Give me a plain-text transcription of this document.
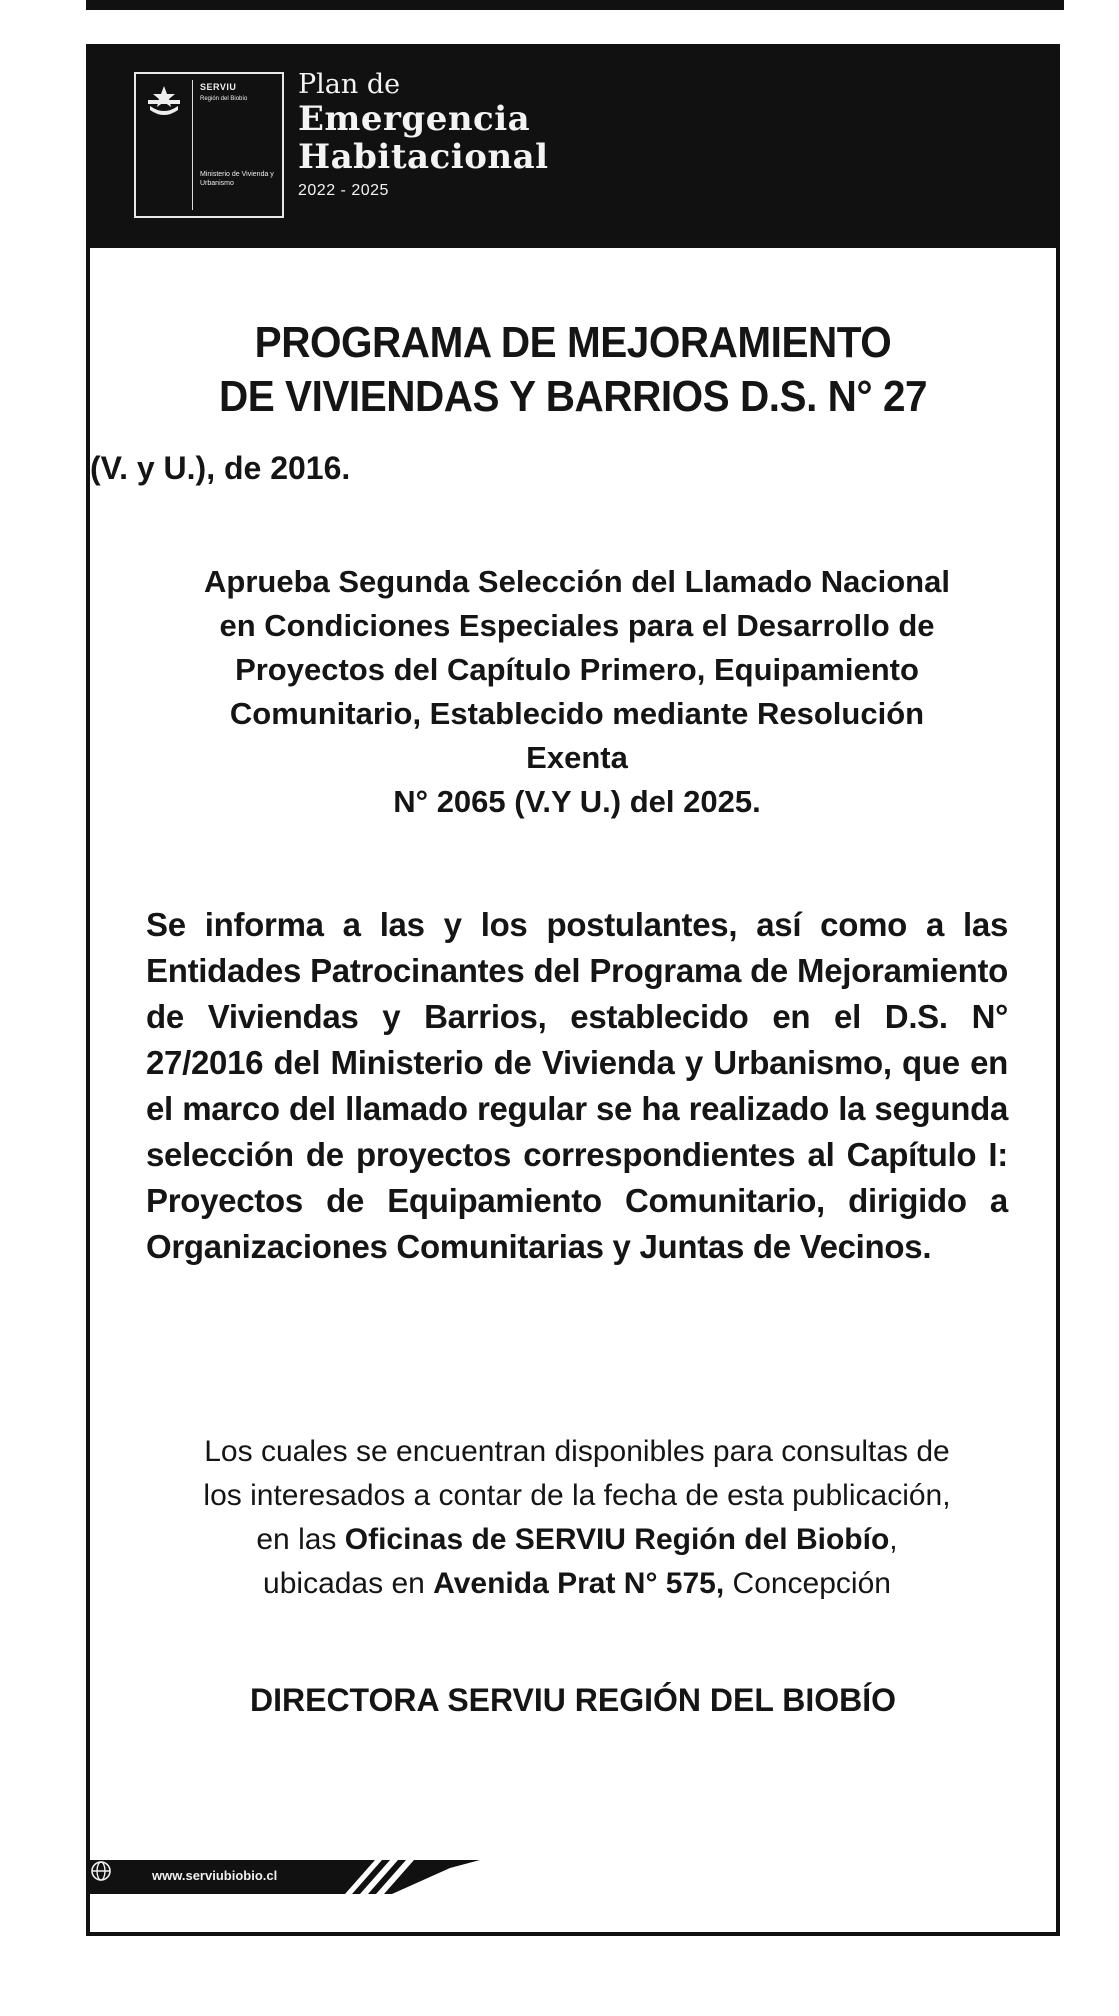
SERVIU
Región del Biobío
Ministerio de Vivienda y Urbanismo
Plan de
Emergencia
Habitacional
2022 - 2025
PROGRAMA DE MEJORAMIENTO
DE VIVIENDAS Y BARRIOS D.S. N° 27
(V. y U.), de 2016.
Aprueba Segunda Selección del Llamado Nacional
en Condiciones Especiales para el Desarrollo de
Proyectos del Capítulo Primero, Equipamiento
Comunitario, Establecido mediante Resolución
Exenta
N° 2065 (V.Y U.) del 2025.
Se informa a las y los postulantes, así como a las Entidades Patrocinantes del Programa de Mejoramiento de Viviendas y Barrios, establecido en el D.S. N° 27/2016 del Ministerio de Vivienda y Urbanismo, que en el marco del llamado regular se ha realizado la segunda selección de proyectos correspondientes al Capítulo I: Proyectos de Equipamiento Comunitario, dirigido a Organizaciones Comunitarias y Juntas de Vecinos.
Los cuales se encuentran disponibles para consultas de
los interesados a contar de la fecha de esta publicación,
en las Oficinas de SERVIU Región del Biobío,
ubicadas en Avenida Prat N° 575, Concepción
DIRECTORA SERVIU REGIÓN DEL BIOBÍO
www.serviubiobio.cl
